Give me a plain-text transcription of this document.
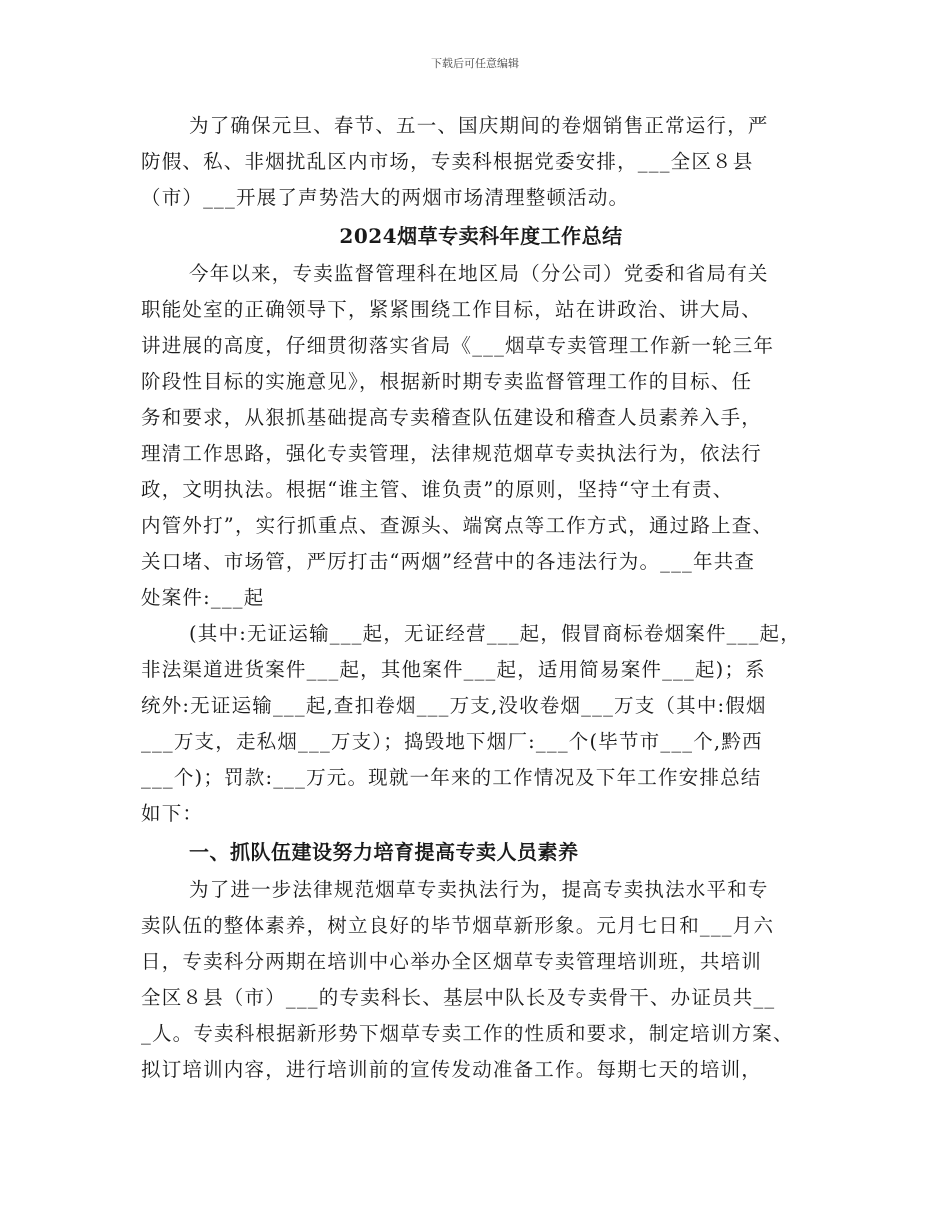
下载后可任意编辑
为了确保元旦、春节、五一、国庆期间的卷烟销售正常运行，严
防假、私、非烟扰乱区内市场，专卖科根据党委安排，___全区８县
（市）___开展了声势浩大的两烟市场清理整顿活动。
2024烟草专卖科年度工作总结
今年以来，专卖监督管理科在地区局（分公司）党委和省局有关
职能处室的正确领导下，紧紧围绕工作目标，站在讲政治、讲大局、
讲进展的高度，仔细贯彻落实省局《___烟草专卖管理工作新一轮三年
阶段性目标的实施意见》，根据新时期专卖监督管理工作的目标、任
务和要求，从狠抓基础提高专卖稽查队伍建设和稽查人员素养入手，
理清工作思路，强化专卖管理，法律规范烟草专卖执法行为，依法行
政，文明执法。根据“谁主管、谁负责”的原则，坚持“守土有责、
内管外打”，实行抓重点、查源头、端窝点等工作方式，通过路上查、
关口堵、市场管，严厉打击“两烟”经营中的各违法行为。___年共查
处案件:___起
(其中:无证运输___起，无证经营___起，假冒商标卷烟案件___起，
非法渠道进货案件___起，其他案件___起，适用简易案件___起)；系
统外:无证运输___起,查扣卷烟___万支,没收卷烟___万支（其中:假烟
___万支，走私烟___万支）；捣毁地下烟厂:___个(毕节市___个,黔西
___个)；罚款:___万元。现就一年来的工作情况及下年工作安排总结
如下：
一、抓队伍建设努力培育提高专卖人员素养
为了进一步法律规范烟草专卖执法行为，提高专卖执法水平和专
卖队伍的整体素养，树立良好的毕节烟草新形象。元月七日和___月六
日，专卖科分两期在培训中心举办全区烟草专卖管理培训班，共培训
全区８县（市）___的专卖科长、基层中队长及专卖骨干、办证员共__
_人。专卖科根据新形势下烟草专卖工作的性质和要求，制定培训方案、
拟订培训内容，进行培训前的宣传发动准备工作。每期七天的培训，
